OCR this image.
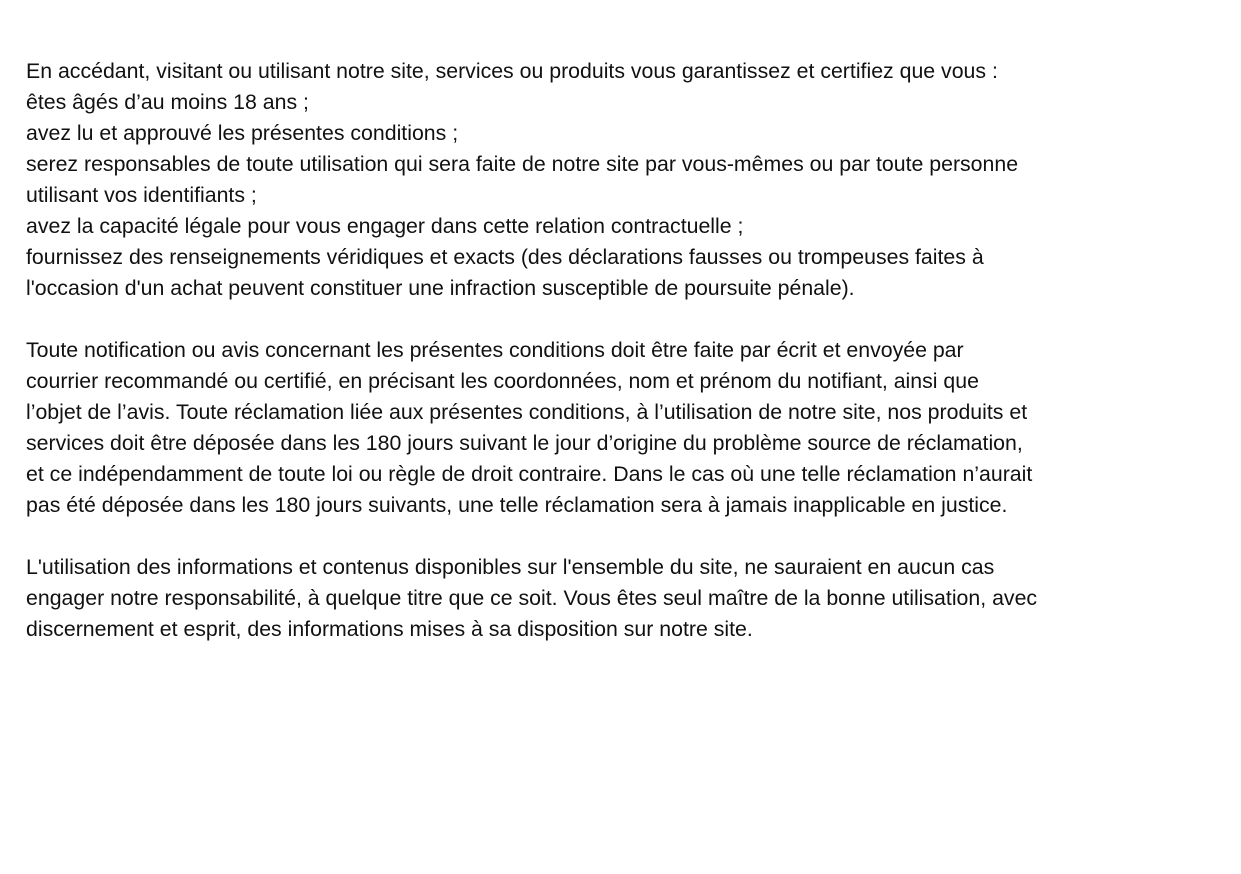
En accédant, visitant ou utilisant notre site, services ou produits vous garantissez et certifiez que vous :
êtes âgés d’au moins 18 ans ;
avez lu et approuvé les présentes conditions ;
serez responsables de toute utilisation qui sera faite de notre site par vous-mêmes ou par toute personne
utilisant vos identifiants ;
avez la capacité légale pour vous engager dans cette relation contractuelle ;
fournissez des renseignements véridiques et exacts (des déclarations fausses ou trompeuses faites à
l'occasion d'un achat peuvent constituer une infraction susceptible de poursuite pénale).
Toute notification ou avis concernant les présentes conditions doit être faite par écrit et envoyée par
courrier recommandé ou certifié, en précisant les coordonnées, nom et prénom du notifiant, ainsi que
l’objet de l’avis. Toute réclamation liée aux présentes conditions, à l’utilisation de notre site, nos produits et
services doit être déposée dans les 180 jours suivant le jour d’origine du problème source de réclamation,
et ce indépendamment de toute loi ou règle de droit contraire. Dans le cas où une telle réclamation n’aurait
pas été déposée dans les 180 jours suivants, une telle réclamation sera à jamais inapplicable en justice.
L'utilisation des informations et contenus disponibles sur l'ensemble du site, ne sauraient en aucun cas
engager notre responsabilité, à quelque titre que ce soit. Vous êtes seul maître de la bonne utilisation, avec
discernement et esprit, des informations mises à sa disposition sur notre site.
